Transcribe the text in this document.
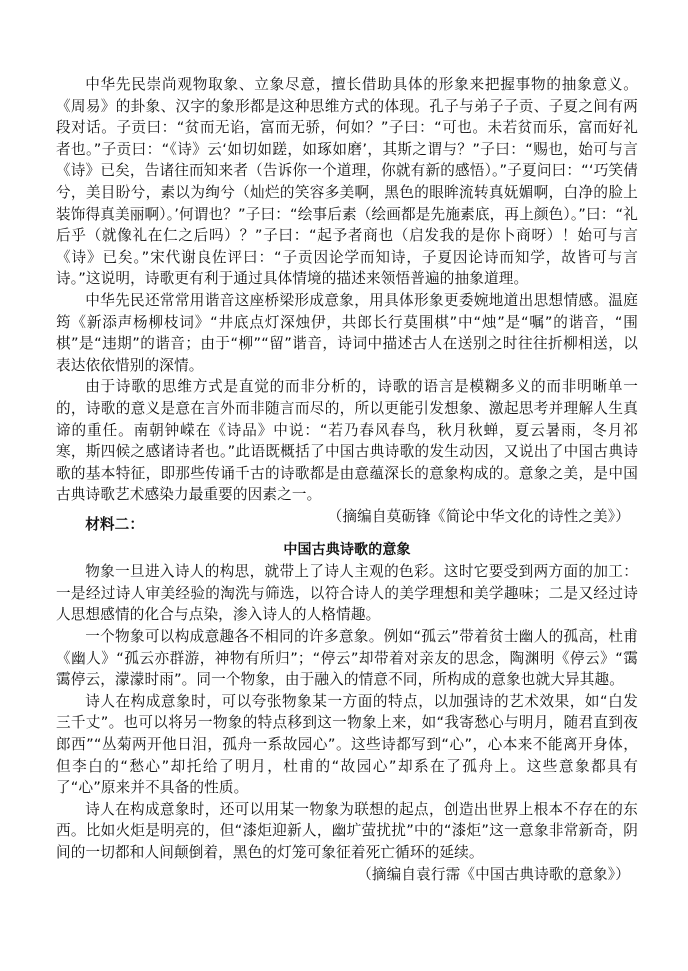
中华先民崇尚观物取象、立象尽意，擅长借助具体的形象来把握事物的抽象意义。《周易》的卦象、汉字的象形都是这种思维方式的体现。孔子与弟子子贡、子夏之间有两段对话。子贡曰：“贫而无谄，富而无骄，何如？”子曰：“可也。未若贫而乐，富而好礼者也。”子贡曰：“《诗》云‘如切如蹉，如琢如磨’，其斯之谓与？”子曰：“赐也，始可与言《诗》已矣，告诸往而知来者（告诉你一个道理，你就有新的感悟）。”子夏问曰：“‘巧笑倩兮，美目盼兮，素以为绚兮（灿烂的笑容多美啊，黑色的眼眸流转真妩媚啊，白净的脸上装饰得真美丽啊）。’何谓也？”子曰：“绘事后素（绘画都是先施素底，再上颜色）。”曰：“礼后乎（就像礼在仁之后吗）？”子曰：“起予者商也（启发我的是你卜商呀）！始可与言《诗》已矣。”宋代谢良佐评曰：“子贡因论学而知诗，子夏因论诗而知学，故皆可与言诗。”这说明，诗歌更有利于通过具体情境的描述来领悟普遍的抽象道理。

中华先民还常常用谐音这座桥梁形成意象，用具体形象更委婉地道出思想情感。温庭筠《新添声杨柳枝词》“井底点灯深烛伊，共郎长行莫围棋”中“烛”是“嘱”的谐音，“围棋”是“违期”的谐音；由于“柳”“留”谐音，诗词中描述古人在送别之时往往折柳相送，以表达依依惜别的深情。

由于诗歌的思维方式是直觉的而非分析的，诗歌的语言是模糊多义的而非明晰单一的，诗歌的意义是意在言外而非随言而尽的，所以更能引发想象、激起思考并理解人生真谛的重任。南朝钟嵘在《诗品》中说：“若乃春风春鸟，秋月秋蝉，夏云暑雨，冬月祁寒，斯四候之感诸诗者也。”此语既概括了中国古典诗歌的发生动因，又说出了中国古典诗歌的基本特征，即那些传诵千古的诗歌都是由意蕴深长的意象构成的。意象之美，是中国古典诗歌艺术感染力最重要的因素之一。

（摘编自莫砺锋《简论中华文化的诗性之美》）

材料二：

中国古典诗歌的意象

物象一旦进入诗人的构思，就带上了诗人主观的色彩。这时它要受到两方面的加工：一是经过诗人审美经验的淘洗与筛选，以符合诗人的美学理想和美学趣味；二是又经过诗人思想感情的化合与点染，渗入诗人的人格情趣。

一个物象可以构成意趣各不相同的许多意象。例如“孤云”带着贫士幽人的孤高，杜甫《幽人》“孤云亦群游，神物有所归”；“停云”却带着对亲友的思念，陶渊明《停云》“霭霭停云，濛濛时雨”。同一个物象，由于融入的情意不同，所构成的意象也就大异其趣。

诗人在构成意象时，可以夸张物象某一方面的特点，以加强诗的艺术效果，如“白发三千丈”。也可以将另一物象的特点移到这一物象上来，如“我寄愁心与明月，随君直到夜郎西”“丛菊两开他日泪，孤舟一系故园心”。这些诗都写到“心”，心本来不能离开身体，但李白的“愁心”却托给了明月，杜甫的“故园心”却系在了孤舟上。这些意象都具有了“心”原来并不具备的性质。

诗人在构成意象时，还可以用某一物象为联想的起点，创造出世界上根本不存在的东西。比如火炬是明亮的，但“漆炬迎新人，幽圹萤扰扰”中的“漆炬”这一意象非常新奇，阴间的一切都和人间颠倒着，黑色的灯笼可象征着死亡循环的延续。

（摘编自袁行霈《中国古典诗歌的意象》）
